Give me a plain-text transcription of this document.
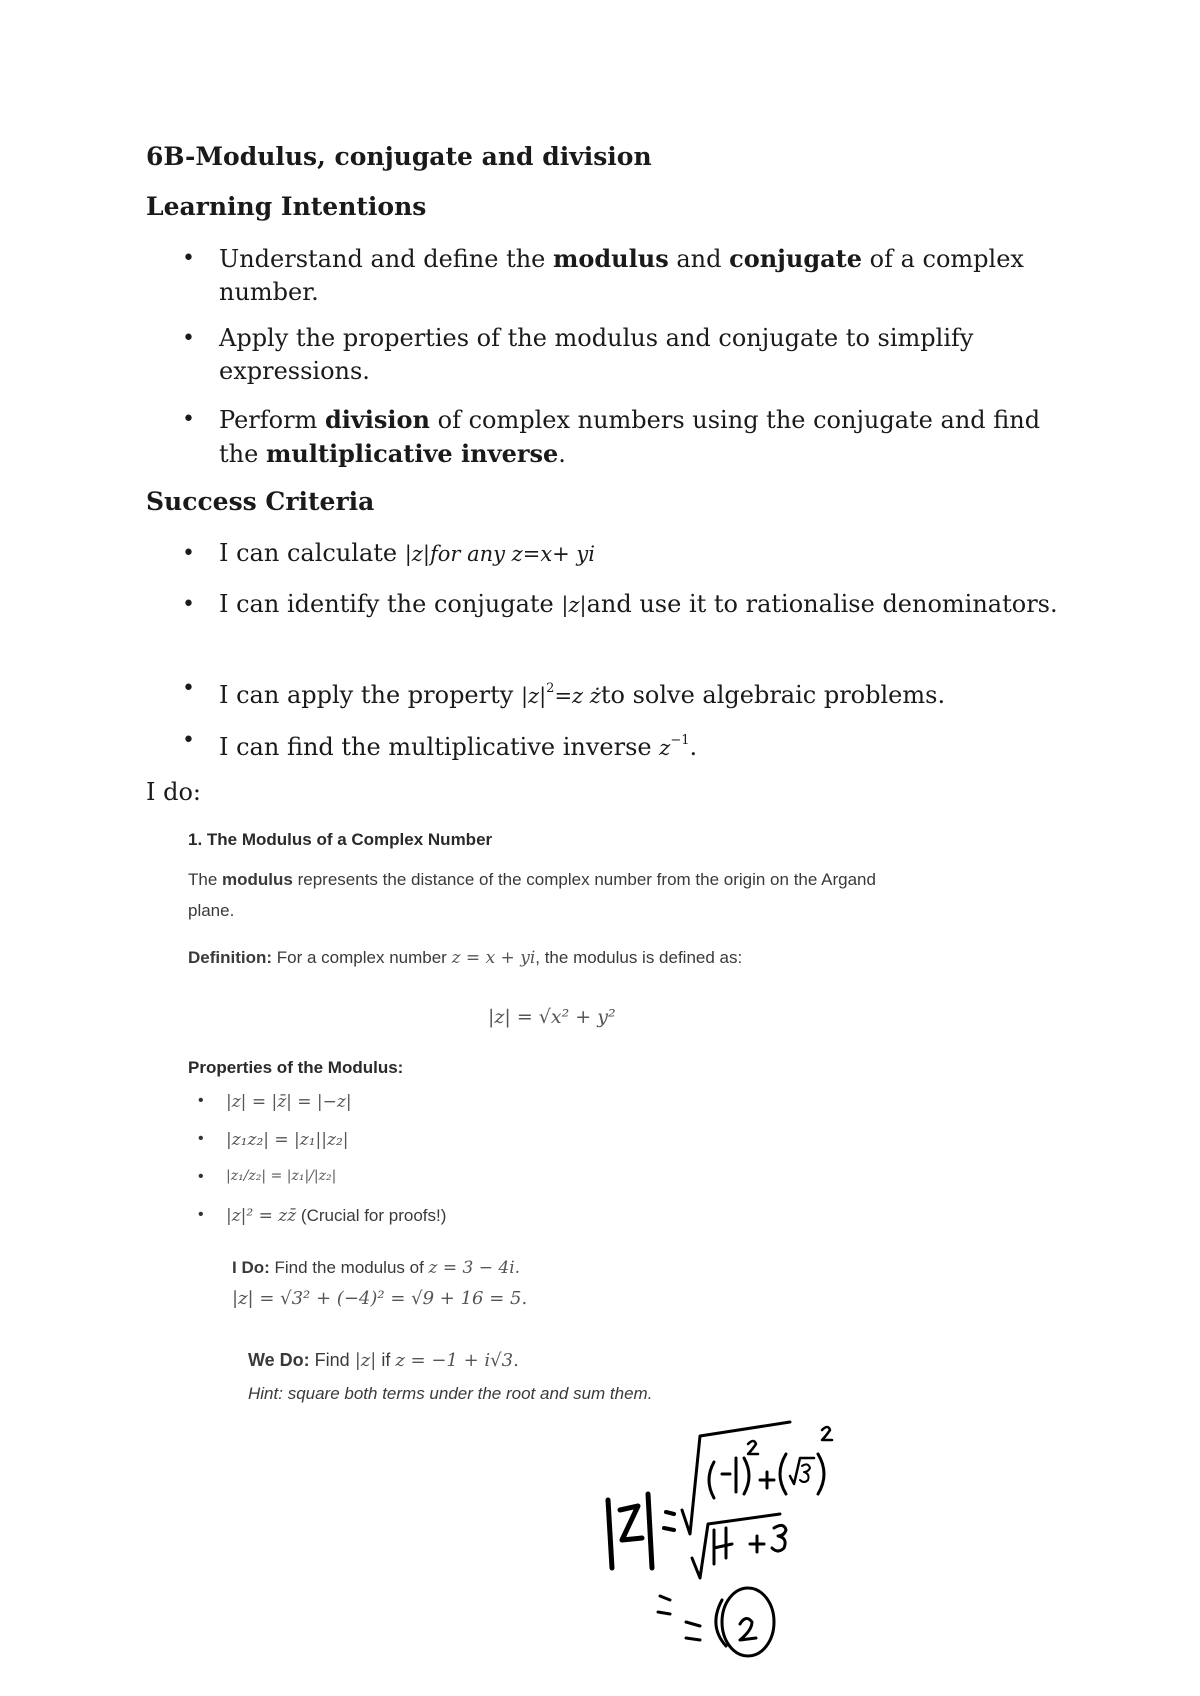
6B-Modulus, conjugate and division
Learning Intentions
• Understand and define the modulus and conjugate of a complex number.
• Apply the properties of the modulus and conjugate to simplify expressions.
• Perform division of complex numbers using the conjugate and find the multiplicative inverse.
Success Criteria
• I can calculate |z|for any z=x+ yi
• I can identify the conjugate |z|and use it to rationalise denominators.
• I can apply the property $|z|^2=z$ żto solve algebraic problems.
• I can find the multiplicative inverse $z^{-1}$.
I do:
1. The Modulus of a Complex Number
The modulus represents the distance of the complex number from the origin on the Argand
plane.
Definition: For a complex number z = x + yi, the modulus is defined as:
|z| = √x² + y²
Properties of the Modulus:
• |z| = |z̄| = |−z|
• |z₁z₂| = |z₁||z₂|
• |z₁/z₂| = |z₁|/|z₂|
• |z|² = zz̄ (Crucial for proofs!)
I Do: Find the modulus of z = 3 − 4i.
|z| = √3² + (−4)² = √9 + 16 = 5.
We Do: Find |z| if z = −1 + i√3.
Hint: square both terms under the root and sum them.
